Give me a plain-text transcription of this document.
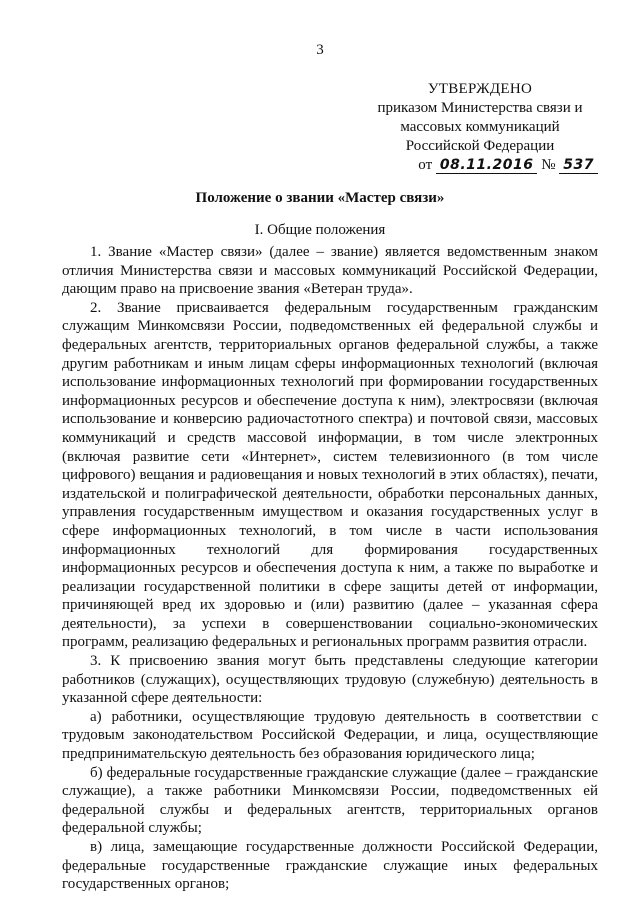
3
УТВЕРЖДЕНО
приказом Министерства связи и
массовых коммуникаций
Российской Федерации
от 08.11.2016 № 537
Положение о звании «Мастер связи»
I. Общие положения

1. Звание «Мастер связи» (далее – звание) является ведомственным знаком отличия Министерства связи и массовых коммуникаций Российской Федерации, дающим право на присвоение звания «Ветеран труда».

2. Звание присваивается федеральным государственным гражданским служащим Минкомсвязи России, подведомственных ей федеральной службы и федеральных агентств, территориальных органов федеральной службы, а также другим работникам и иным лицам сферы информационных технологий (включая использование информационных технологий при формировании государственных информационных ресурсов и обеспечение доступа к ним), электросвязи (включая использование и конверсию радиочастотного спектра) и почтовой связи, массовых коммуникаций и средств массовой информации, в том числе электронных (включая развитие сети «Интернет», систем телевизионного (в том числе цифрового) вещания и радиовещания и новых технологий в этих областях), печати, издательской и полиграфической деятельности, обработки персональных данных, управления государственным имуществом и оказания государственных услуг в сфере информационных технологий, в том числе в части использования информационных технологий для формирования государственных информационных ресурсов и обеспечения доступа к ним, а также по выработке и реализации государственной политики в сфере защиты детей от информации, причиняющей вред их здоровью и (или) развитию (далее – указанная сфера деятельности), за успехи в совершенствовании социально-экономических программ, реализацию федеральных и региональных программ развития отрасли.

3. К присвоению звания могут быть представлены следующие категории работников (служащих), осуществляющих трудовую (служебную) деятельность в указанной сфере деятельности:

а) работники, осуществляющие трудовую деятельность в соответствии с трудовым законодательством Российской Федерации, и лица, осуществляющие предпринимательскую деятельность без образования юридического лица;

б) федеральные государственные гражданские служащие (далее – гражданские служащие), а также работники Минкомсвязи России, подведомственных ей федеральной службы и федеральных агентств, территориальных органов федеральной службы;

в) лица, замещающие государственные должности Российской Федерации, федеральные государственные гражданские служащие иных федеральных государственных органов;
